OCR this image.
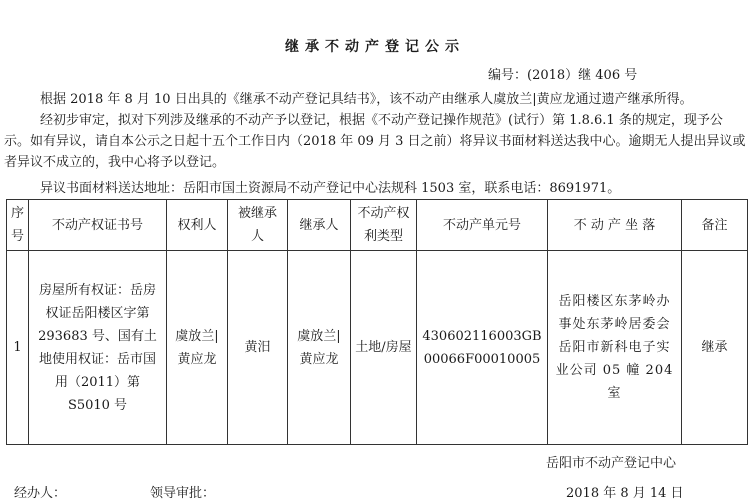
继承不动产登记公示
编号：(2018）继 406 号

根据 2018 年 8 月 10 日出具的《继承不动产登记具结书》，该不动产由继承人虞放兰|黄应龙通过遗产继承所得。

经初步审定，拟对下列涉及继承的不动产予以登记，根据《不动产登记操作规范》(试行）第 1.8.6.1 条的规定，现予公示。如有异议，请自本公示之日起十五个工作日内（2018 年 09 月 3 日之前）将异议书面材料送达我中心。逾期无人提出异议或者异议不成立的，我中心将予以登记。

异议书面材料送达地址：岳阳市国土资源局不动产登记中心法规科 1503 室，联系电话：8691971。

序号	不动产权证书号	权利人	被继承人	继承人	不动产权利类型	不动产单元号	不 动 产 坐 落	备注
1	房屋所有权证：岳房权证岳阳楼区字第 293683 号、国有土地使用权证：岳市国用（2011）第 S5010 号	虞放兰|黄应龙	黄汨	虞放兰|黄应龙	土地/房屋	430602116003GB00066F00010005	岳阳楼区东茅岭办事处东茅岭居委会岳阳市新科电子实业公司 05 幢 204 室	继承
岳阳市不动产登记中心
经办人：	领导审批：	2018 年 8 月 14 日
